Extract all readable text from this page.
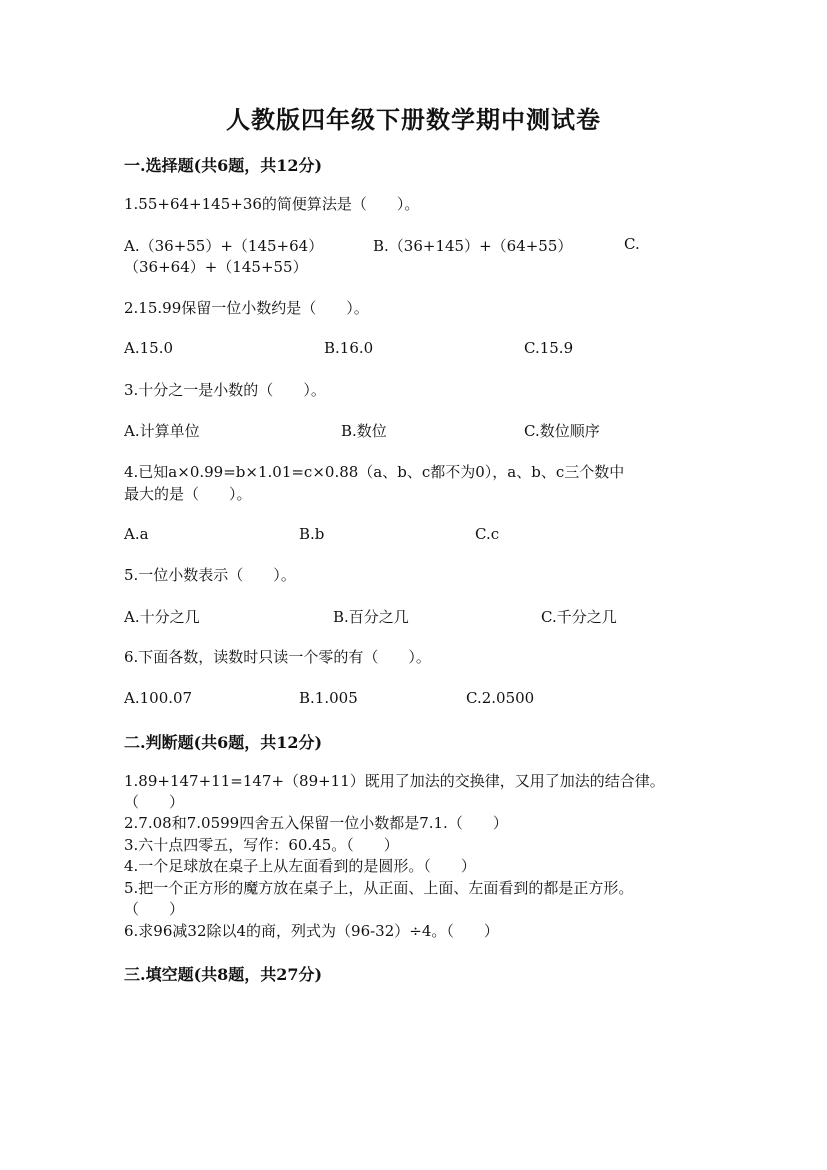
人教版四年级下册数学期中测试卷
一.选择题(共6题，共12分)
1.55+64+145+36的简便算法是（　　）。
A.（36+55）+（145+64）	B.（36+145）+（64+55）	C.
（36+64）+（145+55）
2.15.99保留一位小数约是（　　）。
A.15.0	B.16.0	C.15.9
3.十分之一是小数的（　　）。
A.计算单位	B.数位	C.数位顺序
4.已知a×0.99=b×1.01=c×0.88（a、b、c都不为0），a、b、c三个数中
最大的是（　　）。
A.a	B.b	C.c
5.一位小数表示（　　）。
A.十分之几	B.百分之几	C.千分之几
6.下面各数，读数时只读一个零的有（　　）。
A.100.07	B.1.005	C.2.0500
二.判断题(共6题，共12分)
1.89+147+11=147+（89+11）既用了加法的交换律，又用了加法的结合律。
（　　）
2.7.08和7.0599四舍五入保留一位小数都是7.1.（　　）
3.六十点四零五，写作：60.45。（　　）
4.一个足球放在桌子上从左面看到的是圆形。（　　）
5.把一个正方形的魔方放在桌子上，从正面、上面、左面看到的都是正方形。
（　　）
6.求96减32除以4的商，列式为（96-32）÷4。（　　）
三.填空题(共8题，共27分)
